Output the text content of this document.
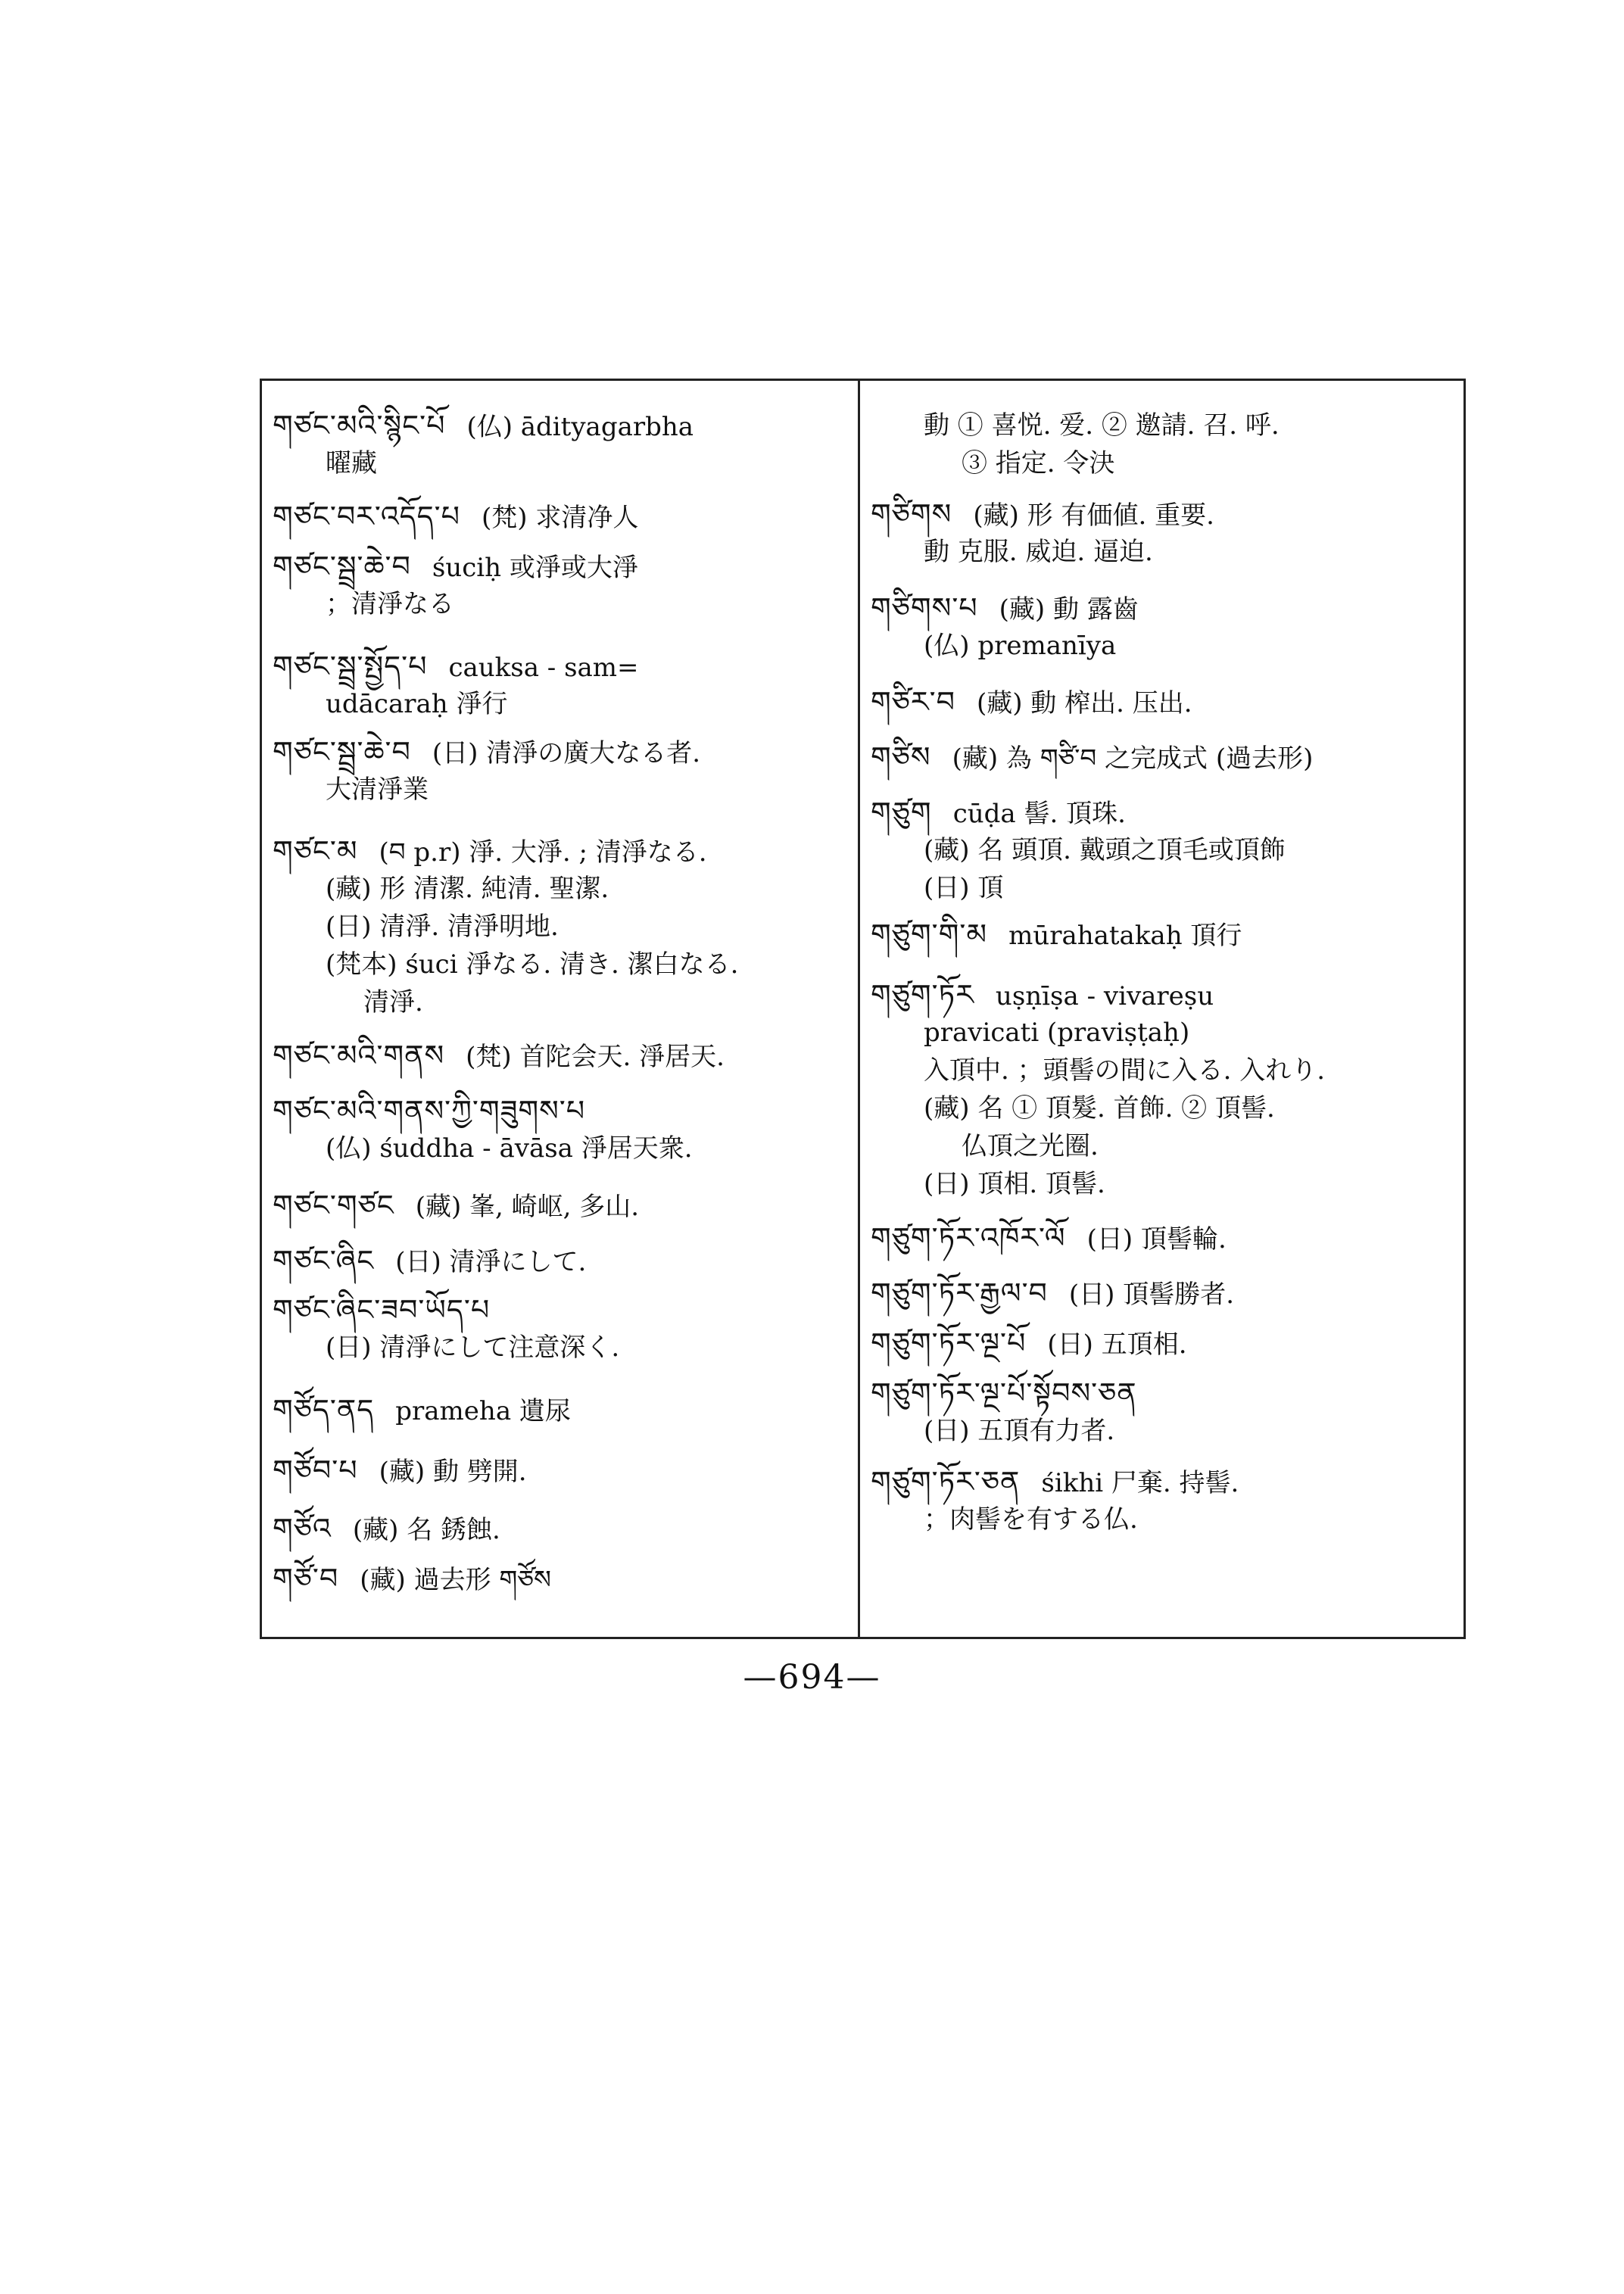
གཙང་མའི་སྙིང་པོ (仏) ādityagarbha
曜藏
གཙང་བར་འདོད་པ (梵) 求清净人
གཙང་སྦྲ་ཆེ་བ śuciḥ 或淨或大淨
；清淨なる
གཙང་སྦྲ་སྤྱོད་པ cauksa - sam=
udācaraḥ 淨行
གཙང་སྦྲ་ཆེ་བ (日) 清淨の廣大なる者.
大清淨業
གཙང་མ (བ p.r) 淨. 大淨. ; 清淨なる.
(藏) 形 清潔. 純清. 聖潔.
(日) 清淨. 清淨明地.
(梵本) śuci 淨なる. 清き. 潔白なる.
清淨.
གཙང་མའི་གནས (梵) 首陀会天. 淨居天.
གཙང་མའི་གནས་ཀྱི་གཟུགས་པ
(仏) śuddha - āvāsa 淨居天衆.
གཙང་གཙང (藏) 峯, 崎岖, 多山.
གཙང་ཞིང (日) 清淨にして.
གཙང་ཞིང་ཟབ་ཡོད་པ
(日) 清淨にして注意深く.
གཙོད་ནད prameha 遺尿
གཙོབ་པ (藏) 動 劈開.
གཙོའ (藏) 名 銹蝕.
གཙོ་བ (藏) 過去形 གཙོས
動 ① 喜悦. 爱. ② 邀請. 召. 呼.
③ 指定. 令決
གཙིགས (藏) 形 有価値. 重要.
動 克服. 威迫. 逼迫.
གཙིགས་པ (藏) 動 露齒
(仏) premanīya
གཙིར་བ (藏) 動 榨出. 压出.
གཙིས (藏) 為 གཙི་བ 之完成式 (過去形)
གཙུག cūḍa 髻. 頂珠.
(藏) 名 頭頂. 戴頭之頂毛或頂飾
(日) 頂
གཙུག་གི་མ mūrahatakaḥ 頂行
གཙུག་ཏོར uṣṇīṣa - vivareṣu
pravicati (praviṣṭaḥ)
入頂中. ；頭髻の間に入る. 入れり.
(藏) 名 ① 頂髮. 首飾. ② 頂髻.
仏頂之光圈.
(日) 頂相. 頂髻.
གཙུག་ཏོར་འཁོར་ལོ (日) 頂髻輪.
གཙུག་ཏོར་རྒྱལ་བ (日) 頂髻勝者.
གཙུག་ཏོར་ལྔ་པོ (日) 五頂相.
གཙུག་ཏོར་ལྔ་པོ་སྟོབས་ཅན
(日) 五頂有力者.
གཙུག་ཏོར་ཅན śikhi 尸棄. 持髻.
；肉髻を有する仏.
—694—
